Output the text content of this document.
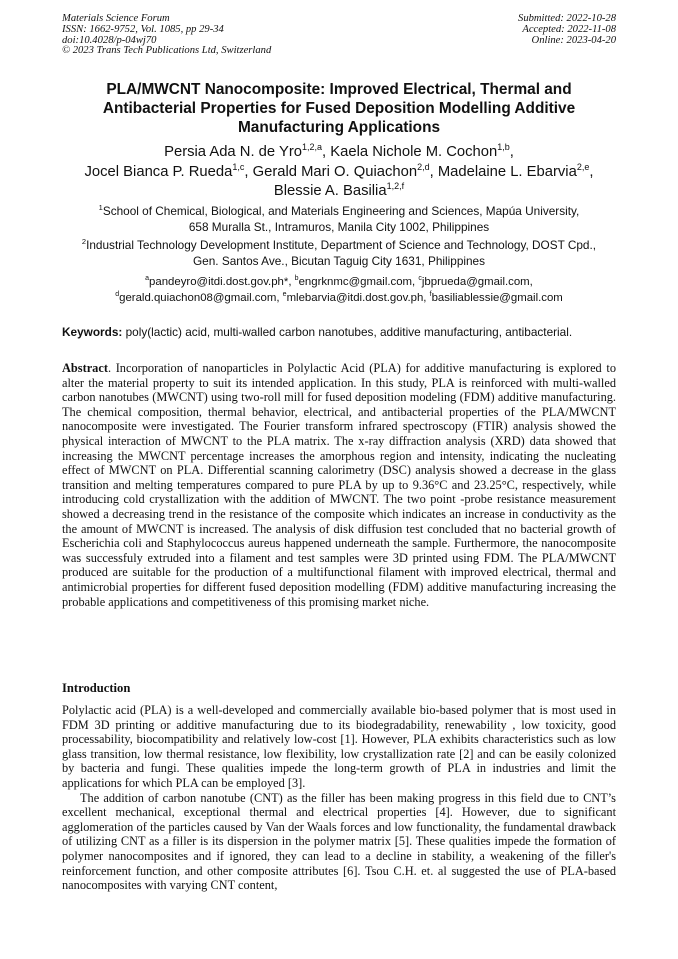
Materials Science Forum
ISSN: 1662-9752, Vol. 1085, pp 29-34
doi:10.4028/p-04wj70
© 2023 Trans Tech Publications Ltd, Switzerland
Submitted: 2022-10-28
Accepted: 2022-11-08
Online: 2023-04-20
PLA/MWCNT Nanocomposite: Improved Electrical, Thermal and Antibacterial Properties for Fused Deposition Modelling Additive Manufacturing Applications
Persia Ada N. de Yro$^{1,2,a}$, Kaela Nichole M. Cochon$^{1,b}$,
Jocel Bianca P. Rueda$^{1,c}$, Gerald Mari O. Quiachon$^{2,d}$, Madelaine L. Ebarvia$^{2,e}$,
Blessie A. Basilia$^{1,2,f}$
$^1$School of Chemical, Biological, and Materials Engineering and Sciences, Mapúa University,
658 Muralla St., Intramuros, Manila City 1002, Philippines
$^2$Industrial Technology Development Institute, Department of Science and Technology, DOST Cpd.,
Gen. Santos Ave., Bicutan Taguig City 1631, Philippines
$^a$pandeyro@itdi.dost.gov.ph*, $^b$engrknmc@gmail.com, $^c$jbprueda@gmail.com,
$^d$gerald.quiachon08@gmail.com, $^e$mlebarvia@itdi.dost.gov.ph, $^f$basiliablessie@gmail.com
Keywords: poly(lactic) acid, multi-walled carbon nanotubes, additive manufacturing, antibacterial.
Abstract. Incorporation of nanoparticles in Polylactic Acid (PLA) for additive manufacturing is explored to alter the material property to suit its intended application. In this study, PLA is reinforced with multi-walled carbon nanotubes (MWCNT) using two-roll mill for fused deposition modeling (FDM) additive manufacturing. The chemical composition, thermal behavior, electrical, and antibacterial properties of the PLA/MWCNT nanocomposite were investigated. The Fourier transform infrared spectroscopy (FTIR) analysis showed the physical interaction of MWCNT to the PLA matrix. The x-ray diffraction analysis (XRD) data showed that increasing the MWCNT percentage increases the amorphous region and intensity, indicating the nucleating effect of MWCNT on PLA. Differential scanning calorimetry (DSC) analysis showed a decrease in the glass transition and melting temperatures compared to pure PLA by up to 9.36°C and 23.25°C, respectively, while introducing cold crystallization with the addition of MWCNT. The two point -probe resistance measurement showed a decreasing trend in the resistance of the composite which indicates an increase in conductivity as the the amount of MWCNT is increased. The analysis of disk diffusion test concluded that no bacterial growth of Escherichia coli and Staphylococcus aureus happened underneath the sample. Furthermore, the nanocomposite was successfuly extruded into a filament and test samples were 3D printed using FDM. The PLA/MWCNT produced are suitable for the production of a multifunctional filament with improved electrical, thermal and antimicrobial properties for different fused deposition modelling (FDM) additive manufacturing increasing the probable applications and competitiveness of this promising market niche.
Introduction

Polylactic acid (PLA) is a well-developed and commercially available bio-based polymer that is most used in FDM 3D printing or additive manufacturing due to its biodegradability, renewability , low toxicity, good processability, biocompatibility and relatively low-cost [1]. However, PLA exhibits characteristics such as low glass transition, low thermal resistance, low flexibility, low crystallization rate [2] and can be easily colonized by bacteria and fungi. These qualities impede the long-term growth of PLA in industries and limit the applications for which PLA can be employed [3].

The addition of carbon nanotube (CNT) as the filler has been making progress in this field due to CNT’s excellent mechanical, exceptional thermal and electrical properties [4]. However, due to significant agglomeration of the particles caused by Van der Waals forces and low functionality, the fundamental drawback of utilizing CNT as a filler is its dispersion in the polymer matrix [5]. These qualities impede the formation of polymer nanocomposites and if ignored, they can lead to a decline in stability, a weakening of the filler's reinforcement function, and other composite attributes [6]. Tsou C.H. et. al suggested the use of PLA-based nanocomposites with varying CNT content,
